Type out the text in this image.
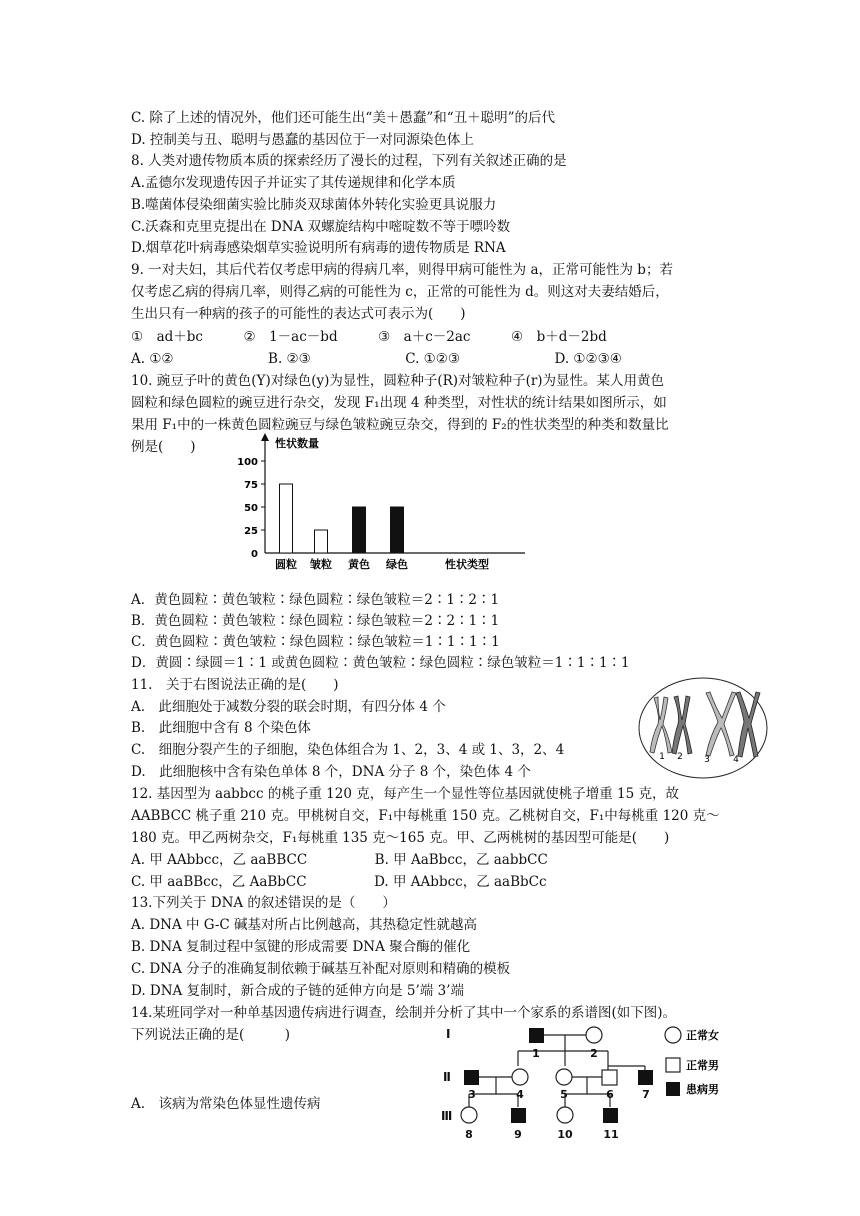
C. 除了上述的情况外，他们还可能生出“美＋愚蠢”和“丑＋聪明”的后代
D. 控制美与丑、聪明与愚蠢的基因位于一对同源染色体上
8. 人类对遗传物质本质的探索经历了漫长的过程，下列有关叙述正确的是
A.孟德尔发现遗传因子并证实了其传递规律和化学本质
B.噬菌体侵染细菌实验比肺炎双球菌体外转化实验更具说服力
C.沃森和克里克提出在 DNA 双螺旋结构中嘧啶数不等于嘌呤数
D.烟草花叶病毒感染烟草实验说明所有病毒的遗传物质是 RNA
9. 一对夫妇，其后代若仅考虑甲病的得病几率，则得甲病可能性为 a，正常可能性为 b；若
仅考虑乙病的得病几率，则得乙病的可能性为 c，正常的可能性为 d。则这对夫妻结婚后，
生出只有一种病的孩子的可能性的表达式可表示为(　　)
①　ad＋bc　　　②　1－ac－bd　　　③　a＋c－2ac　　　④　b＋d－2bd
A. ①②　　　　　　　B. ②③　　　　　　　C. ①②③　　　　　　　D. ①②③④
10. 豌豆子叶的黄色(Y)对绿色(y)为显性，圆粒种子(R)对皱粒种子(r)为显性。某人用黄色
圆粒和绿色圆粒的豌豆进行杂交，发现 F₁出现 4 种类型，对性状的统计结果如图所示，如
果用 F₁中的一株黄色圆粒豌豆与绿色皱粒豌豆杂交，得到的 F₂的性状类型的种类和数量比
例是(　　)	性状数量
性状类型
0
25
50
75
100
圆粒 皱粒 黄色 绿色
A．黄色圆粒∶黄色皱粒∶绿色圆粒∶绿色皱粒＝2∶1∶2∶1
B．黄色圆粒∶黄色皱粒∶绿色圆粒∶绿色皱粒＝2∶2∶1∶1
C．黄色圆粒∶黄色皱粒∶绿色圆粒∶绿色皱粒＝1∶1∶1∶1
D．黄圆∶绿圆＝1∶1 或黄色圆粒∶黄色皱粒∶绿色圆粒∶绿色皱粒＝1∶1∶1∶1
11.　关于右图说法正确的是(　　)
A.　此细胞处于减数分裂的联会时期，有四分体 4 个
B.　此细胞中含有 8 个染色体
C.　细胞分裂产生的子细胞，染色体组合为 1、2，3、4 或 1、3，2、4
D.　此细胞核中含有染色单体 8 个，DNA 分子 8 个，染色体 4 个
12. 基因型为 aabbcc 的桃子重 120 克，每产生一个显性等位基因就使桃子增重 15 克，故
AABBCC 桃子重 210 克。甲桃树自交，F₁中每桃重 150 克。乙桃树自交，F₁中每桃重 120 克～
180 克。甲乙两树杂交，F₁每桃重 135 克～165 克。甲、乙两桃树的基因型可能是(　　)
A. 甲 AAbbcc，乙 aaBBCC　　　　　B. 甲 AaBbcc，乙 aabbCC
C. 甲 aaBBcc，乙 AaBbCC　　　　　D. 甲 AAbbcc，乙 aaBbCc
13.下列关于 DNA 的叙述错误的是（　　）
A. DNA 中 G-C 碱基对所占比例越高，其热稳定性就越高
B. DNA 复制过程中氢键的形成需要 DNA 聚合酶的催化
C. DNA 分子的准确复制依赖于碱基互补配对原则和精确的模板
D. DNA 复制时，新合成的子链的延伸方向是 5’端 3’端
14.某班同学对一种单基因遗传病进行调查，绘制并分析了其中一个家系的系谱图(如下图)。
下列说法正确的是(　　　)
A.　该病为常染色体显性遗传病
1 2 3	4
Ⅰ
Ⅱ
Ⅲ
1	2
3	4	5	6	7
8	9	10	11
正常女
正常男
患病男
